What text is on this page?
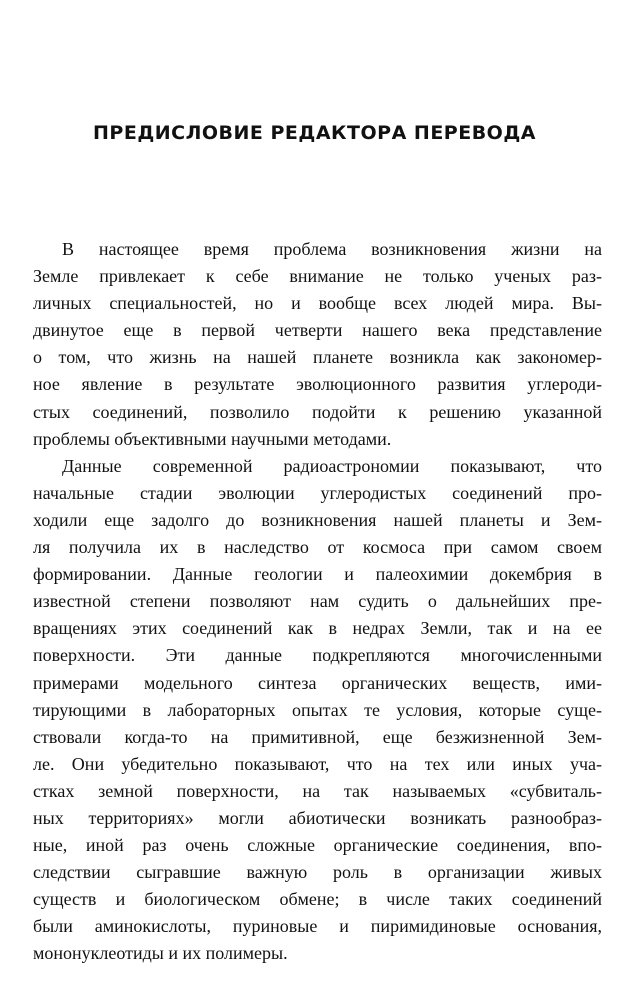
ПРЕДИСЛОВИЕ РЕДАКТОРА ПЕРЕВОДА
В настоящее время проблема возникновения жизни на
Земле привлекает к себе внимание не только ученых раз-
личных специальностей, но и вообще всех людей мира. Вы-
двинутое еще в первой четверти нашего века представление
о том, что жизнь на нашей планете возникла как закономер-
ное явление в результате эволюционного развития углероди-
стых соединений, позволило подойти к решению указанной
проблемы объективными научными методами.
Данные современной радиоастрономии показывают, что
начальные стадии эволюции углеродистых соединений про-
ходили еще задолго до возникновения нашей планеты и Зем-
ля получила их в наследство от космоса при самом своем
формировании. Данные геологии и палеохимии докембрия в
известной степени позволяют нам судить о дальнейших пре-
вращениях этих соединений как в недрах Земли, так и на ее
поверхности. Эти данные подкрепляются многочисленными
примерами модельного синтеза органических веществ, ими-
тирующими в лабораторных опытах те условия, которые суще-
ствовали когда-то на примитивной, еще безжизненной Зем-
ле. Они убедительно показывают, что на тех или иных уча-
стках земной поверхности, на так называемых «субвиталь-
ных территориях» могли абиотически возникать разнообраз-
ные, иной раз очень сложные органические соединения, впо-
следствии сыгравшие важную роль в организации живых
существ и биологическом обмене; в числе таких соединений
были аминокислоты, пуриновые и пиримидиновые основания,
мононуклеотиды и их полимеры.
